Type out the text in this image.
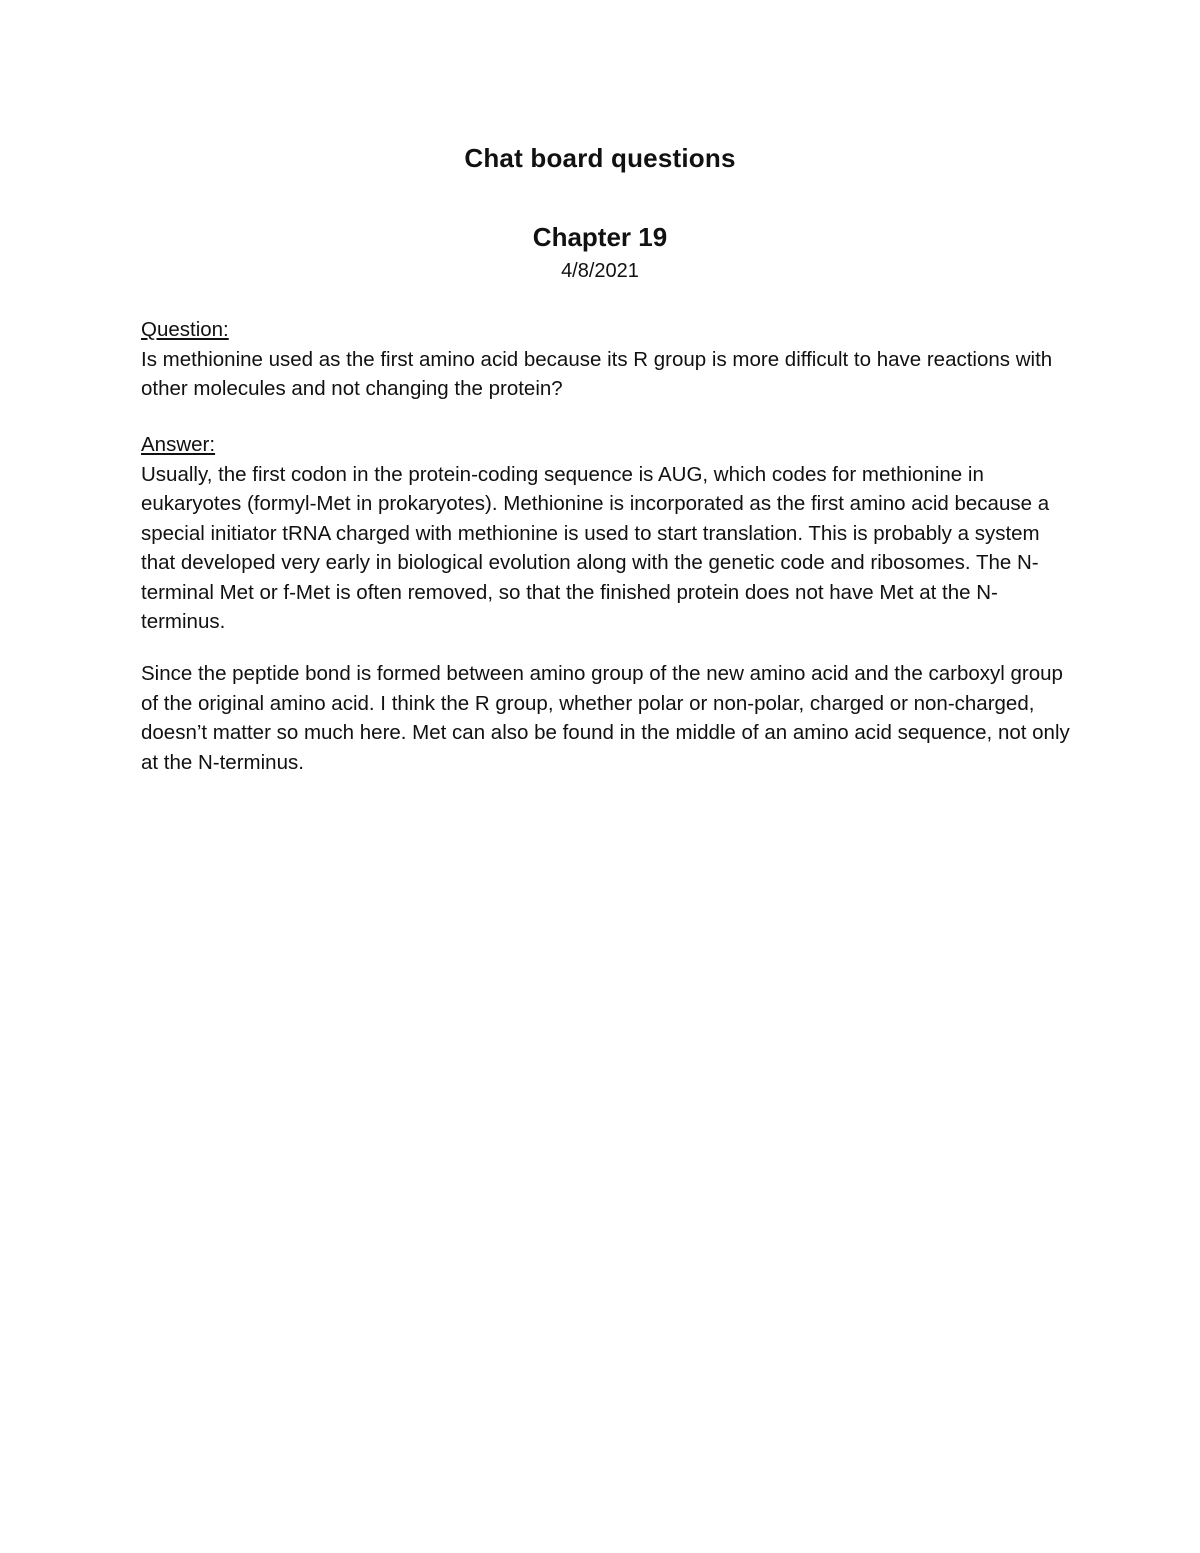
Chat board questions
Chapter 19
4/8/2021
Question:
Is methionine used as the first amino acid because its R group is more difficult to have reactions with other molecules and not changing the protein?
Answer:
Usually, the first codon in the protein-coding sequence is AUG, which codes for methionine in eukaryotes (formyl-Met in prokaryotes). Methionine is incorporated as the first amino acid because a special initiator tRNA charged with methionine is used to start translation. This is probably a system that developed very early in biological evolution along with the genetic code and ribosomes. The N-terminal Met or f-Met is often removed, so that the finished protein does not have Met at the N-terminus.
Since the peptide bond is formed between amino group of the new amino acid and the carboxyl group of the original amino acid. I think the R group, whether polar or non-polar, charged or non-charged, doesn’t matter so much here. Met can also be found in the middle of an amino acid sequence, not only at the N-terminus.
